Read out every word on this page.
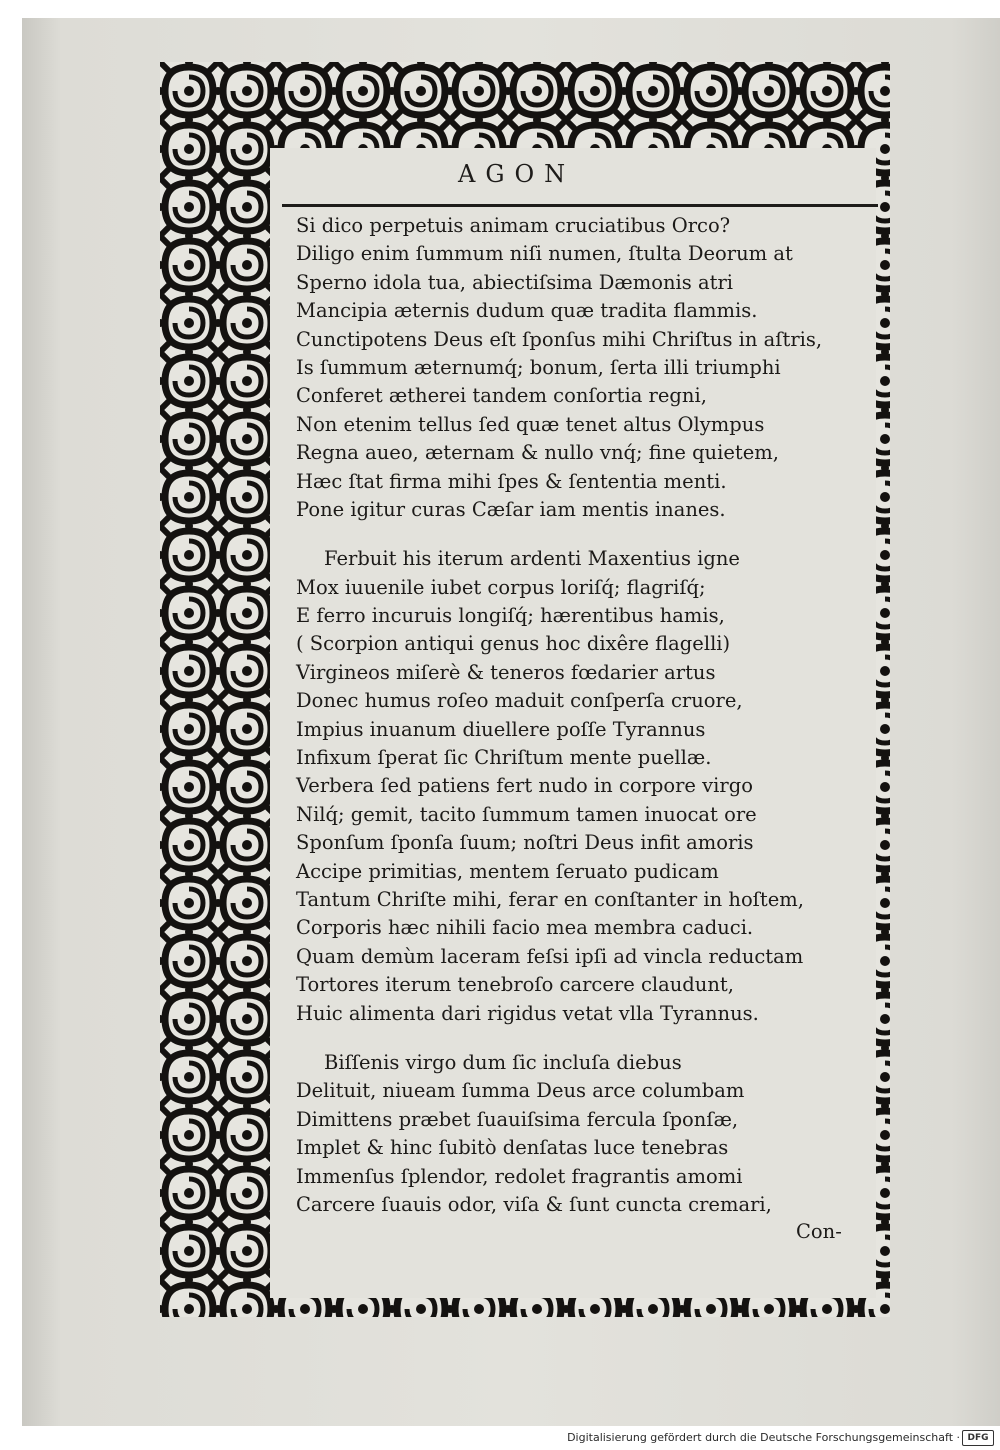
AGON
Si dico perpetuis animam cruciatibus Orco?
Diligo enim ſummum niſi numen, ſtulta Deorum at
Sperno idola tua, abiectiſsima Dæmonis atri
Mancipia æternis dudum quæ tradita flammis.
Cunctipotens Deus eſt ſponſus mihi Chriſtus in aſtris,
Is ſummum æternumq́; bonum, ſerta illi triumphi
Conferet ætherei tandem conſortia regni,
Non etenim tellus ſed quæ tenet altus Olympus
Regna aueo, æternam & nullo vnq́; fine quietem,
Hæc ſtat firma mihi ſpes & ſententia menti.
Pone igitur curas Cæſar iam mentis inanes.
Ferbuit his iterum ardenti Maxentius igne
Mox iuuenile iubet corpus loriſq́; flagriſq́;
E ferro incuruis longiſq́; hærentibus hamis,
( Scorpion antiqui genus hoc dixêre flagelli)
Virgineos miſerè & teneros fœdarier artus
Donec humus roſeo maduit conſperſa cruore,
Impius inuanum diuellere poſſe Tyrannus
Infixum ſperat ſic Chriſtum mente puellæ.
Verbera ſed patiens fert nudo in corpore virgo
Nilq́; gemit, tacito ſummum tamen inuocat ore
Sponſum ſponſa ſuum; noſtri Deus infit amoris
Accipe primitias, mentem ſeruato pudicam
Tantum Chriſte mihi, ferar en conſtanter in hoſtem,
Corporis hæc nihili facio mea membra caduci.
Quam demùm laceram feſsi ipſi ad vincla reductam
Tortores iterum tenebroſo carcere claudunt,
Huic alimenta dari rigidus vetat vlla Tyrannus.
Biſſenis virgo dum ſic incluſa diebus
Delituit, niueam ſumma Deus arce columbam
Dimittens præbet ſuauiſsima fercula ſponſæ,
Implet & hinc ſubitò denſatas luce tenebras
Immenſus ſplendor, redolet fragrantis amomi
Carcere ſuauis odor, viſa & ſunt cuncta cremari,
Con-
Digitalisierung gefördert durch die Deutsche Forschungsgemeinschaft · DFG
